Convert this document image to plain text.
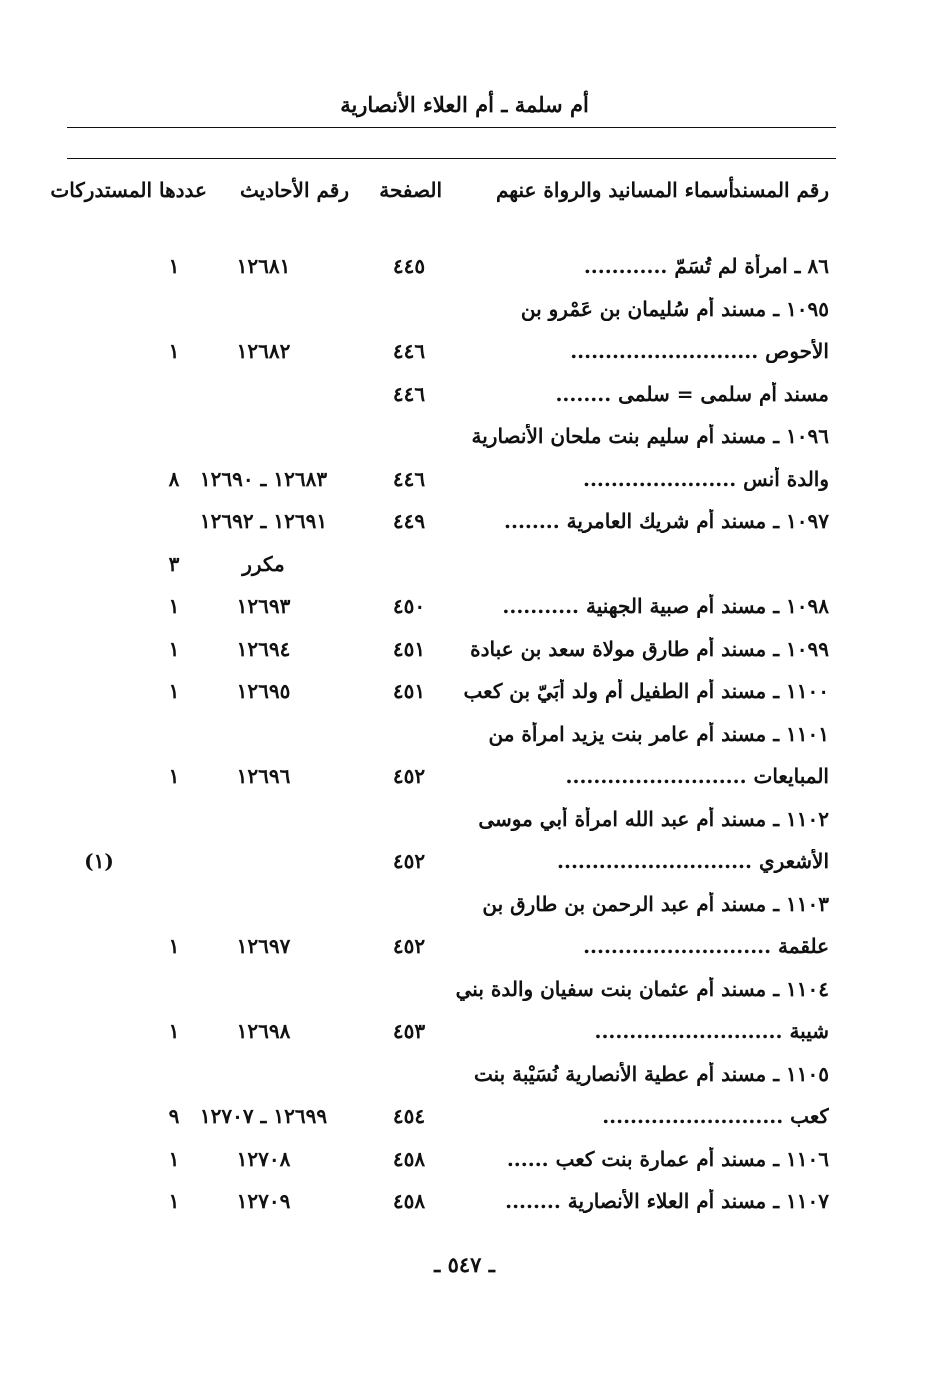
أم سلمة ـ أم العلاء الأنصارية
رقم المسند
أسماء المسانيد والرواة عنهم
الصفحة
رقم الأحاديث
عددها المستدركات
٨٦ ـ امرأة لم تُسَمّ ............
٤٤٥
١٢٦٨١
١
١٠٩٥ ـ مسند أم سُليمان بن عَمْرو بن
الأحوص ...........................
٤٤٦
١٢٦٨٢
١
مسند أم سلمى = سلمى ........
٤٤٦
١٠٩٦ ـ مسند أم سليم بنت ملحان الأنصارية
والدة أنس ......................
٤٤٦
١٢٦٨٣ ـ ١٢٦٩٠
٨
١٠٩٧ ـ مسند أم شريك العامرية ........
٤٤٩
١٢٦٩١ ـ ١٢٦٩٢
مكرر
٣
١٠٩٨ ـ مسند أم صبية الجهنية ...........
٤٥٠
١٢٦٩٣
١
١٠٩٩ ـ مسند أم طارق مولاة سعد بن عبادة
٤٥١
١٢٦٩٤
١
١١٠٠ ـ مسند أم الطفيل أم ولد أُبَيّ بن كعب
٤٥١
١٢٦٩٥
١
١١٠١ ـ مسند أم عامر بنت يزيد امرأة من
المبايعات ..........................
٤٥٢
١٢٦٩٦
١
١١٠٢ ـ مسند أم عبد الله امرأة أبي موسى
الأشعري ............................
٤٥٢
(١)
١١٠٣ ـ مسند أم عبد الرحمن بن طارق بن
علقمة ...........................
٤٥٢
١٢٦٩٧
١
١١٠٤ ـ مسند أم عثمان بنت سفيان والدة بني
شيبة ...........................
٤٥٣
١٢٦٩٨
١
١١٠٥ ـ مسند أم عطية الأنصارية نُسَيْبة بنت
كعب ..........................
٤٥٤
١٢٦٩٩ ـ ١٢٧٠٧
٩
١١٠٦ ـ مسند أم عمارة بنت كعب ......
٤٥٨
١٢٧٠٨
١
١١٠٧ ـ مسند أم العلاء الأنصارية ........
٤٥٨
١٢٧٠٩
١
ـ ٥٤٧ ـ
